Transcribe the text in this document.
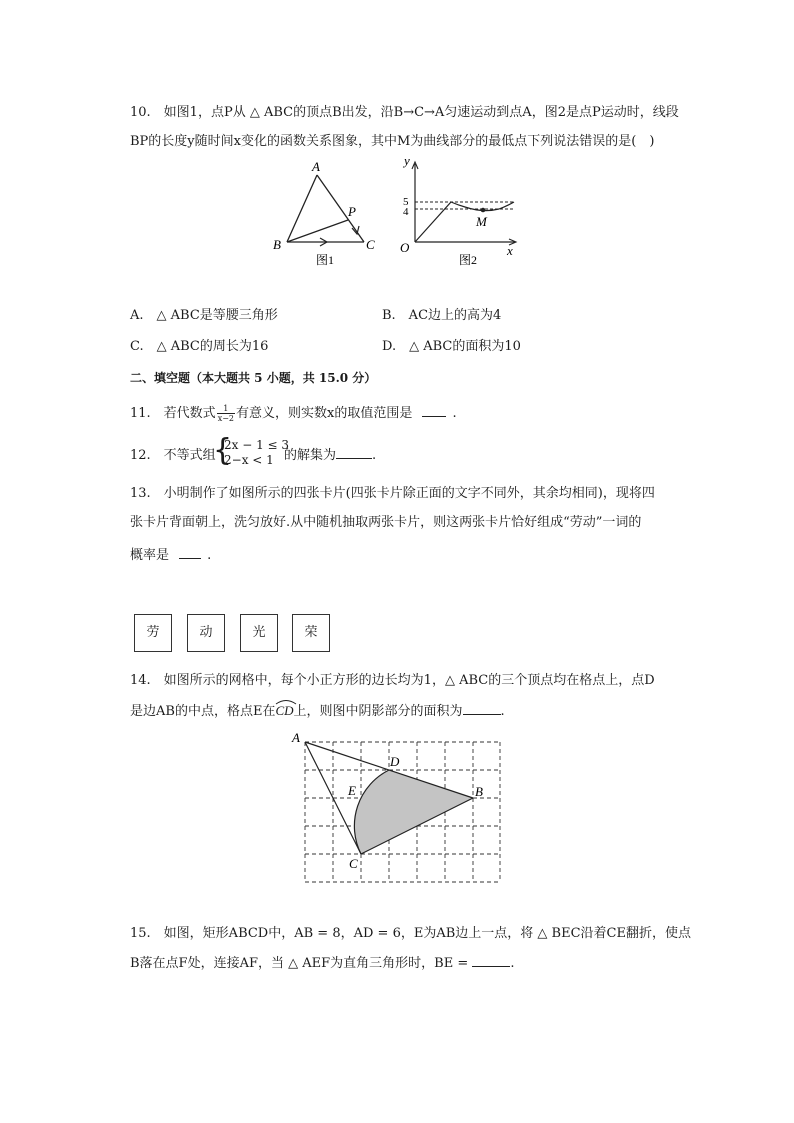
10.　如图1，点P从 △ ABC的顶点B出发，沿B→C→A匀速运动到点A，图2是点P运动时，线段
BP的长度y随时间x变化的函数关系图象，其中M为曲线部分的最低点下列说法错误的是(　)
A
B	C
P
图1
y
x
O
M
5
4
图2
A.　△ ABC是等腰三角形	B.　AC边上的高为4
C.　△ ABC的周长为16	D.　△ ABC的面积为10
二、填空题（本大题共 5 小题，共 15.0 分）
11.　若代数式 $\frac{1}{x-2}$ 有意义，则实数x的取值范围是	.
12.　不等式组
{
2x − 1 ≤ 3
2−x < 1 的解集为	.
13.　小明制作了如图所示的四张卡片(四张卡片除正面的文字不同外，其余均相同)，现将四
张卡片背面朝上，洗匀放好.从中随机抽取两张卡片，则这两张卡片恰好组成“劳动”一词的
概率是	.
劳	动	光	荣
14.　如图所示的网格中，每个小正方形的边长均为1，△ ABC的三个顶点均在格点上，点D
是边AB的中点，格点E在
CD上，则图中阴影部分的面积为	.
A
B
C
D
E
15.　如图，矩形ABCD中，AB = 8，AD = 6，E为AB边上一点，将 △ BEC沿着CE翻折，使点
B落在点F处，连接AF，当 △ AEF为直角三角形时，BE =	.
